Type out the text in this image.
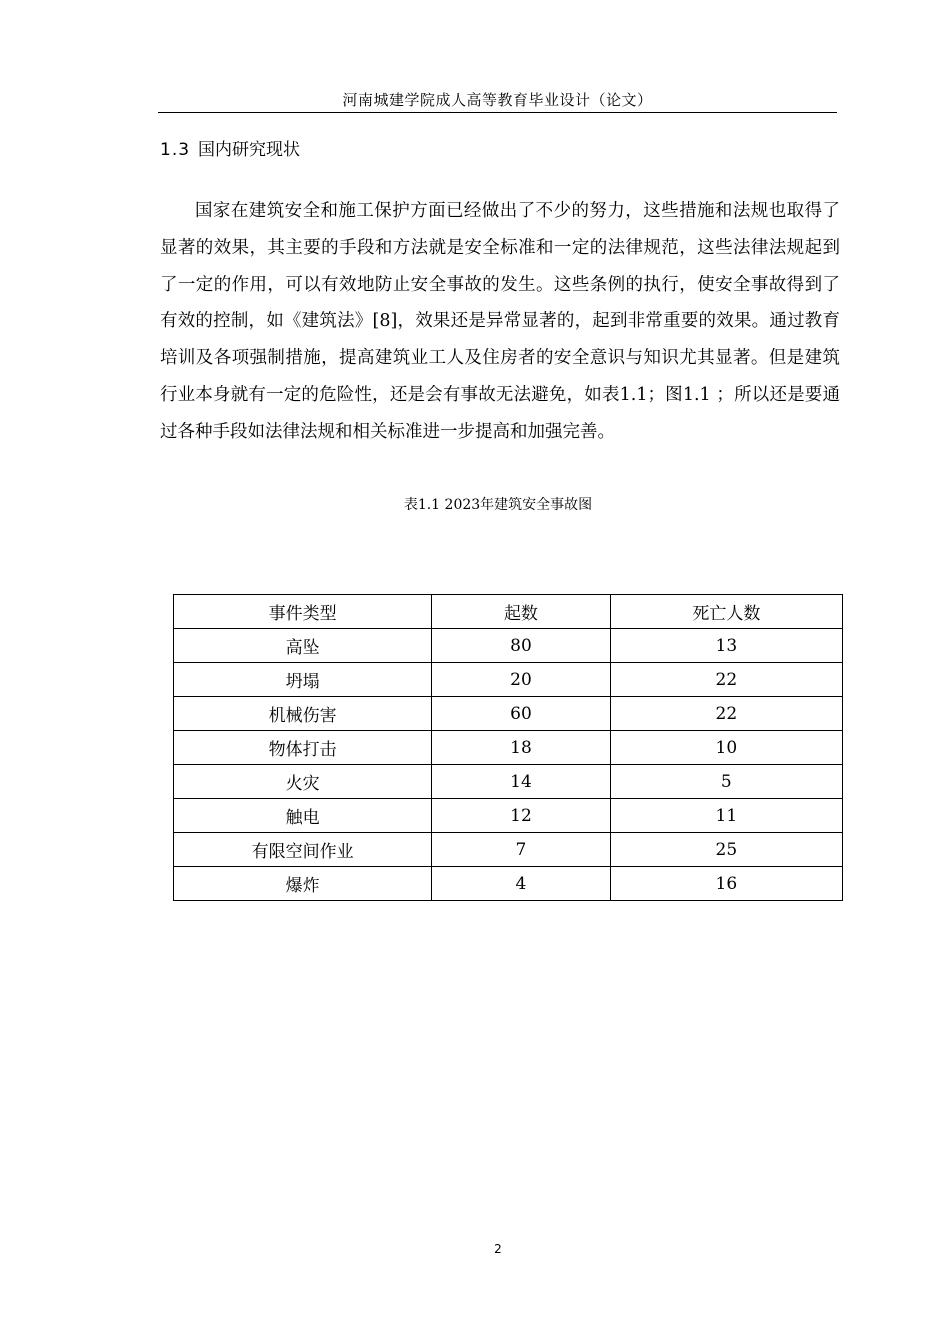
河南城建学院成人高等教育毕业设计（论文）
1.3 国内研究现状
国家在建筑安全和施工保护方面已经做出了不少的努力，这些措施和法规也取得了显著的效果，其主要的手段和方法就是安全标准和一定的法律规范，这些法律法规起到了一定的作用，可以有效地防止安全事故的发生。这些条例的执行，使安全事故得到了有效的控制，如《建筑法》[8]，效果还是异常显著的，起到非常重要的效果。通过教育培训及各项强制措施，提高建筑业工人及住房者的安全意识与知识尤其显著。但是建筑行业本身就有一定的危险性，还是会有事故无法避免，如表1.1；图1.1 ；所以还是要通过各种手段如法律法规和相关标准进一步提高和加强完善。
表1.1 2023年建筑安全事故图
事件类型	起数	死亡人数
高坠	80	13
坍塌	20	22
机械伤害	60	22
物体打击	18	10
火灾	14	5
触电	12	11
有限空间作业	7	25
爆炸	4	16
2
